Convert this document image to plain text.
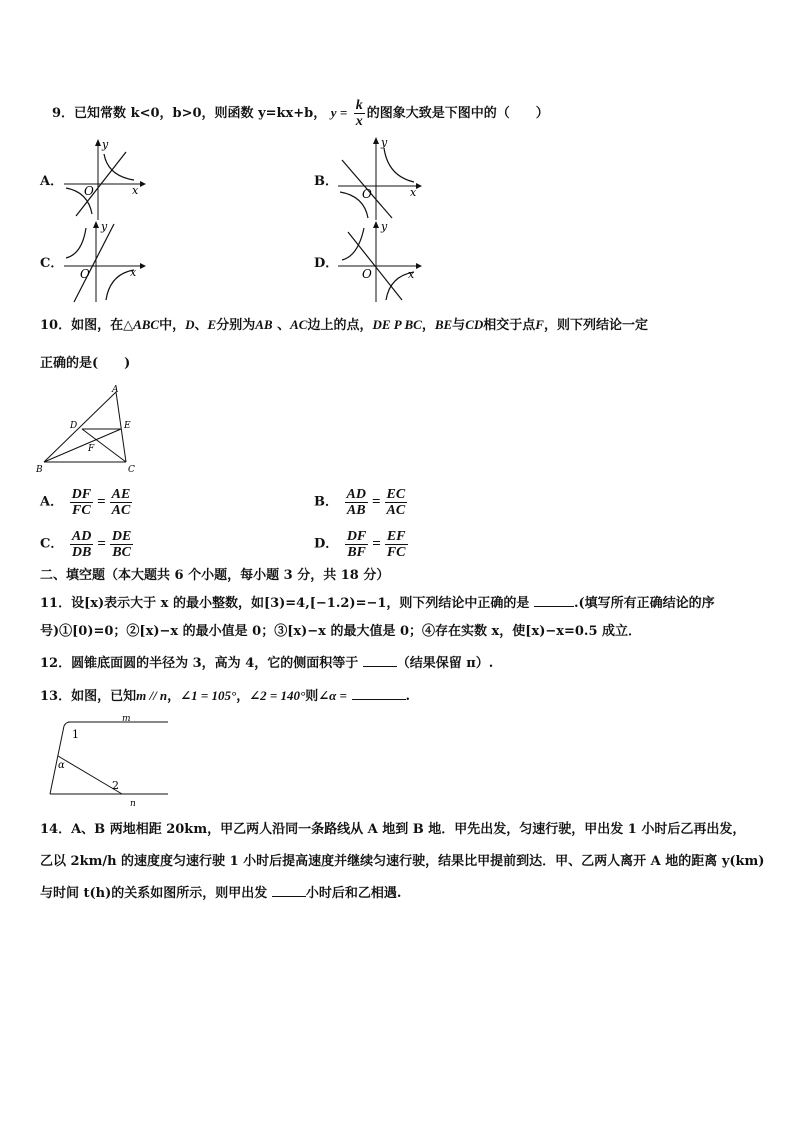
9．已知常数 k<0，b>0，则函数 y=kx+b， $y = \frac{k}{x}$ 的图象大致是下图中的（　　）
A．
y
x
O
B．
y
x
O
C．
y
x
O
D．
y
x
O
10．如图，在△ABC中，D、E分别为AB 、AC边上的点，DE P BC，BE与CD相交于点F，则下列结论一定
正确的是(　　)
A
B	C
D	E
F
A． $\frac{DF}{FC} = \frac{AE}{AC}$	B． $\frac{AD}{AB} = \frac{EC}{AC}$
C． $\frac{AD}{DB} = \frac{DE}{BC}$	D． $\frac{DF}{BF} = \frac{EF}{FC}$
二、填空题（本大题共 6 个小题，每小题 3 分，共 18 分）
11．设[x)表示大于 x 的最小整数，如[3)=4,[−1.2)=−1，则下列结论中正确的是	.(填写所有正确结论的序
号)①[0)=0；②[x)−x 的最小值是 0；③[x)−x 的最大值是 0；④存在实数 x，使[x)−x=0.5 成立．
12．圆锥底面圆的半径为 3，高为 4，它的侧面积等于	（结果保留 π）.
13．如图，已知m // n，∠1 = 105°，∠2 = 140°则∠α =	.
m
n
1
2
α
14．A、B 两地相距 20km，甲乙两人沿同一条路线从 A 地到 B 地．甲先出发，匀速行驶，甲出发 1 小时后乙再出发，
乙以 2km/h 的速度度匀速行驶 1 小时后提高速度并继续匀速行驶，结果比甲提前到达．甲、乙两人离开 A 地的距离 y(km)
与时间 t(h)的关系如图所示，则甲出发	小时后和乙相遇.
